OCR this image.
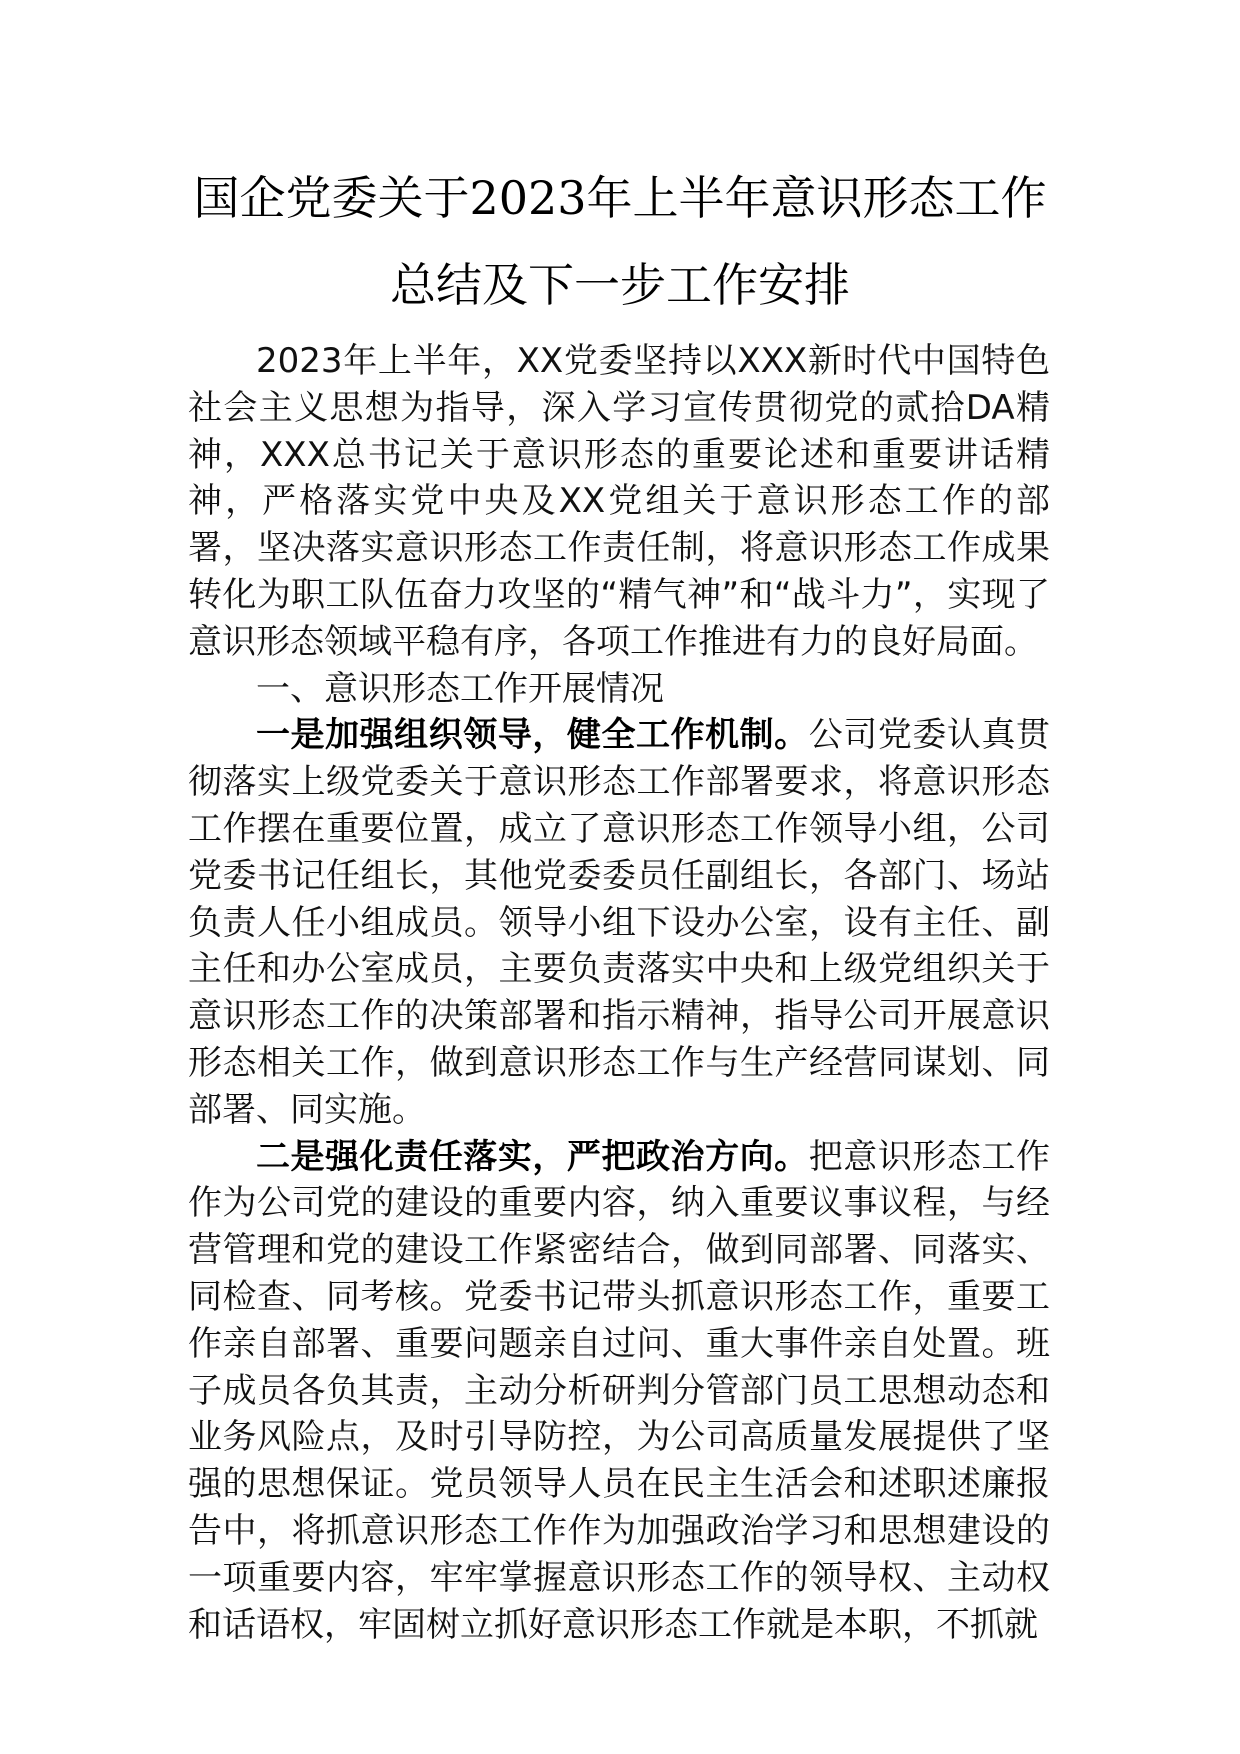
国企党委关于2023年上半年意识形态工作
总结及下一步工作安排

2023年上半年，XX党委坚持以XXX新时代中国特色社会主义思想为指导，深入学习宣传贯彻党的贰拾DA精神，XXX总书记关于意识形态的重要论述和重要讲话精神，严格落实党中央及XX党组关于意识形态工作的部署，坚决落实意识形态工作责任制，将意识形态工作成果转化为职工队伍奋力攻坚的“精气神”和“战斗力”，实现了意识形态领域平稳有序，各项工作推进有力的良好局面。

一、意识形态工作开展情况

一是加强组织领导，健全工作机制。公司党委认真贯彻落实上级党委关于意识形态工作部署要求，将意识形态工作摆在重要位置，成立了意识形态工作领导小组，公司党委书记任组长，其他党委委员任副组长，各部门、场站负责人任小组成员。领导小组下设办公室，设有主任、副主任和办公室成员，主要负责落实中央和上级党组织关于意识形态工作的决策部署和指示精神，指导公司开展意识形态相关工作，做到意识形态工作与生产经营同谋划、同部署、同实施。

二是强化责任落实，严把政治方向。把意识形态工作作为公司党的建设的重要内容，纳入重要议事议程，与经营管理和党的建设工作紧密结合，做到同部署、同落实、同检查、同考核。党委书记带头抓意识形态工作，重要工作亲自部署、重要问题亲自过问、重大事件亲自处置。班子成员各负其责，主动分析研判分管部门员工思想动态和业务风险点，及时引导防控，为公司高质量发展提供了坚强的思想保证。党员领导人员在民主生活会和述职述廉报告中，将抓意识形态工作作为加强政治学习和思想建设的一项重要内容，牢牢掌握意识形态工作的领导权、主动权和话语权，牢固树立抓好意识形态工作就是本职，不抓就
